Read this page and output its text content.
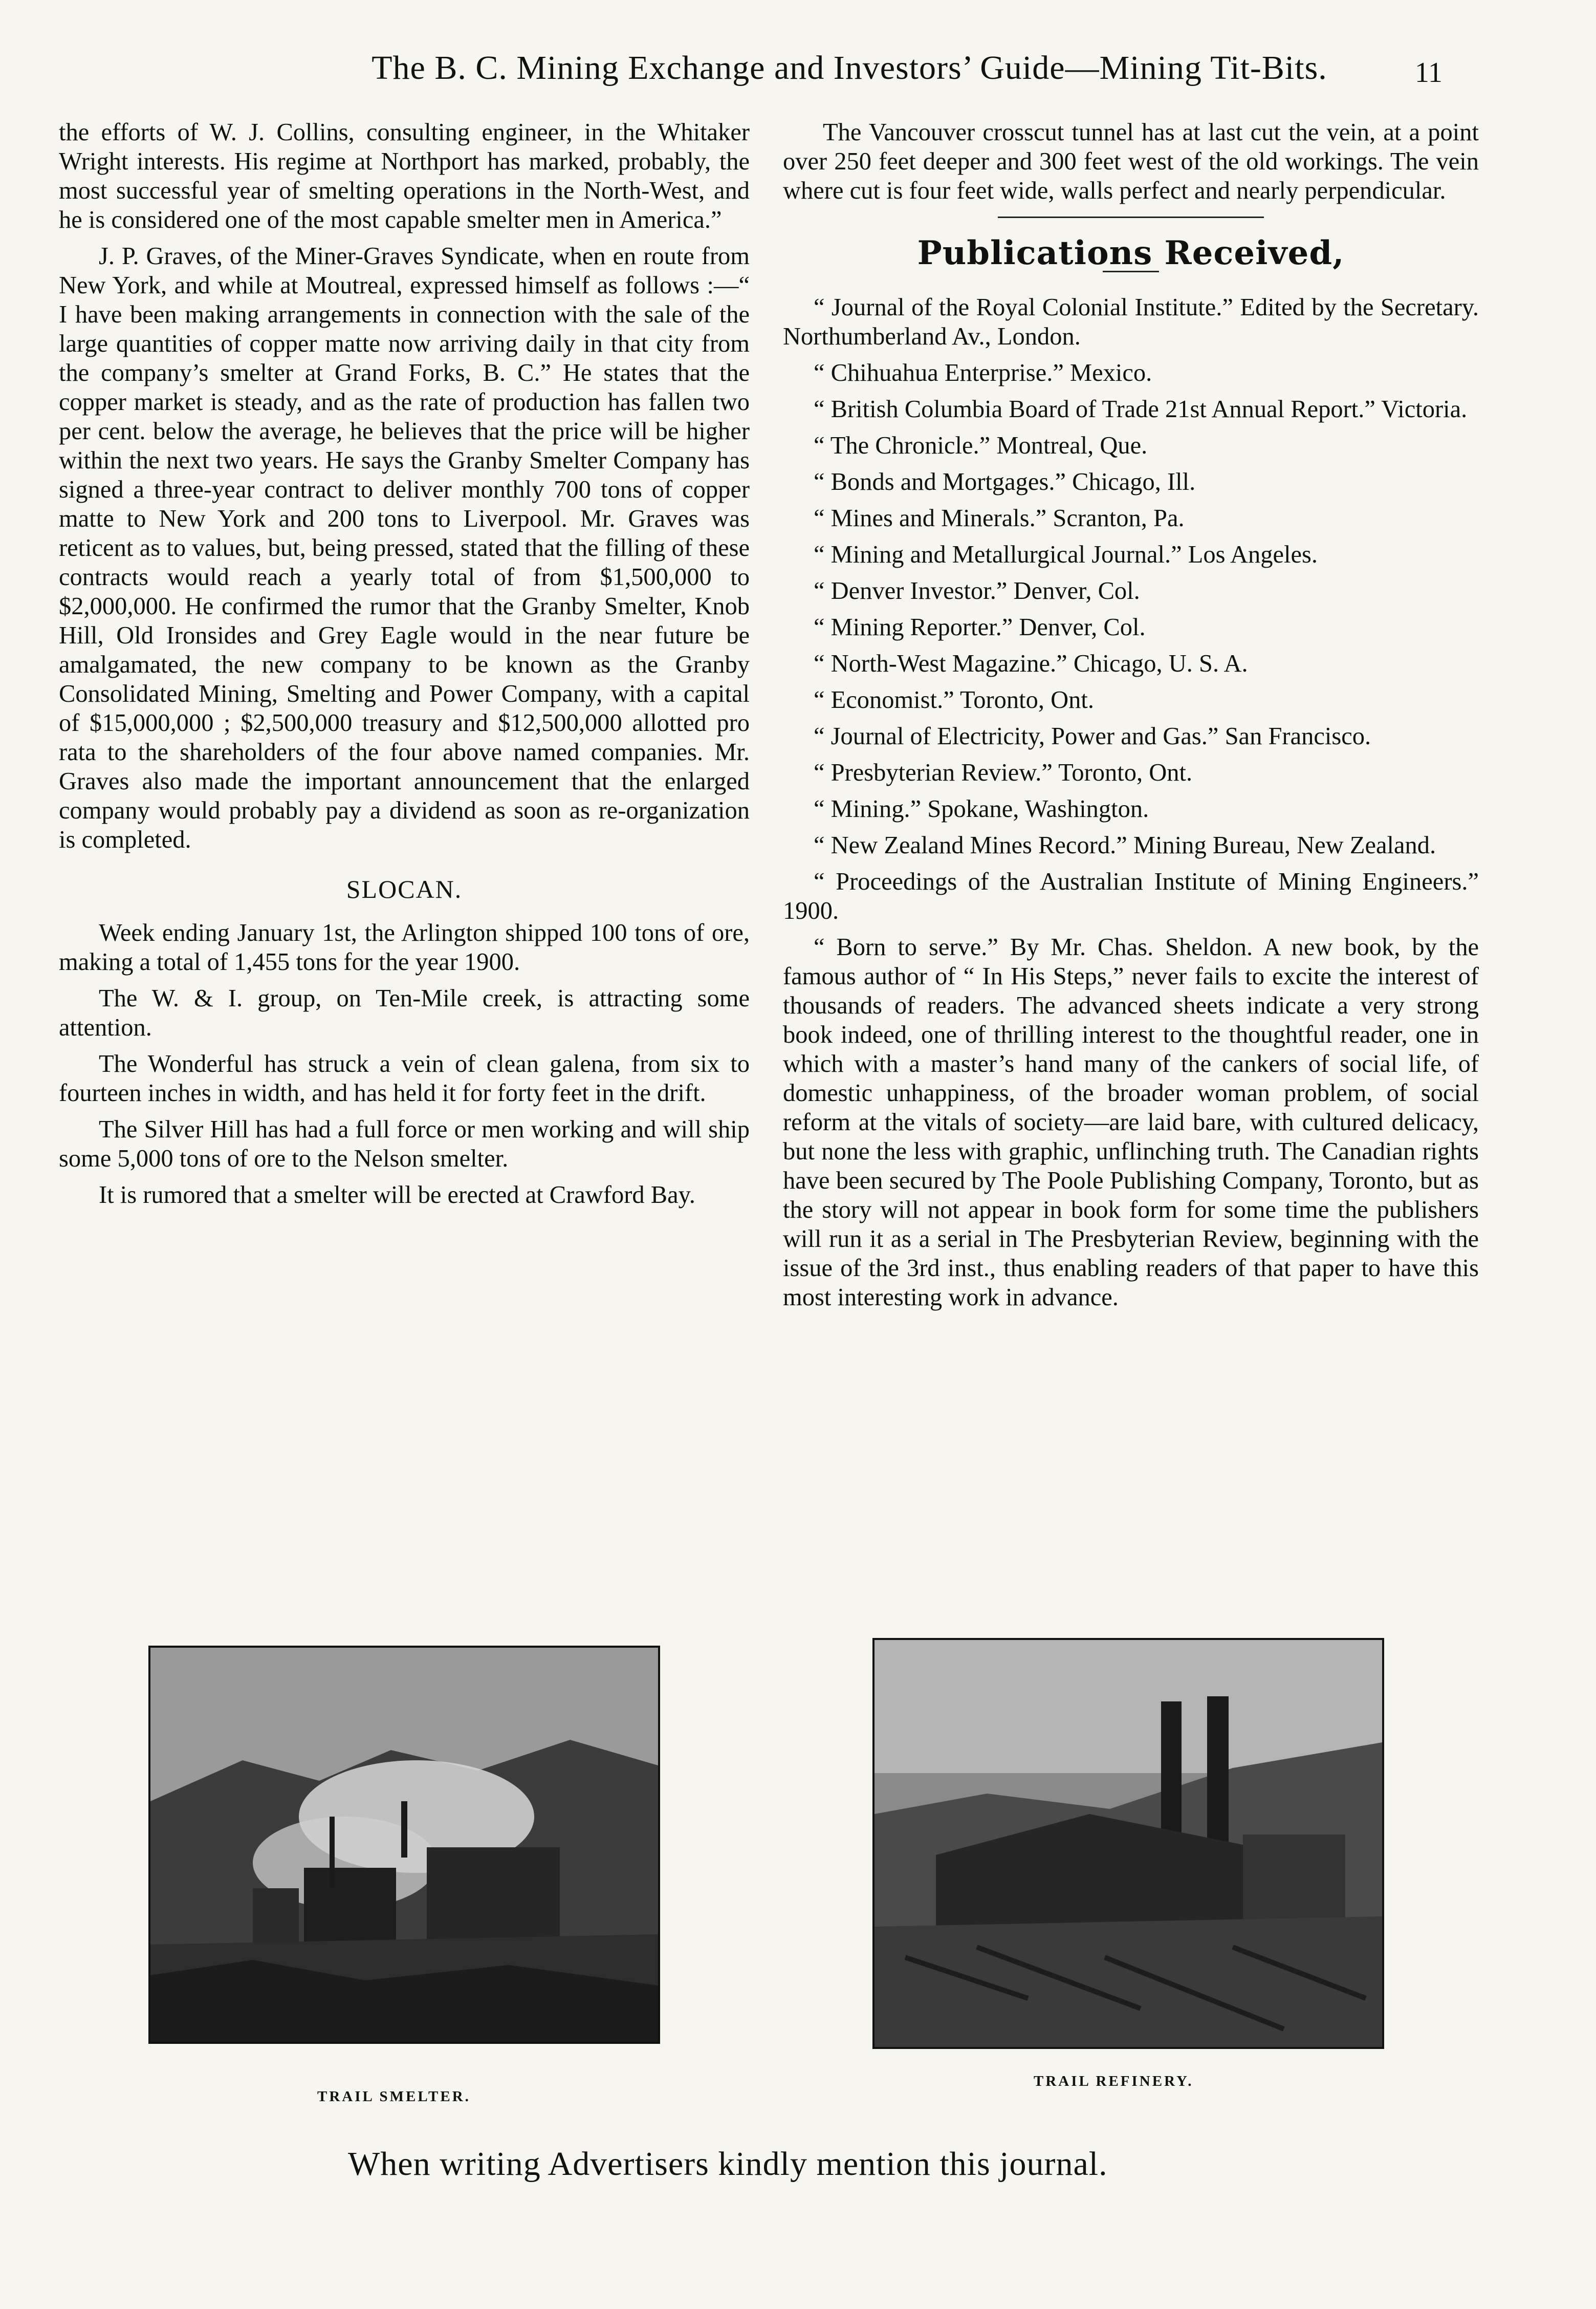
The B. C. Mining Exchange and Investors’ Guide—Mining Tit-Bits.	11

the efforts of W. J. Collins, consulting engineer, in the Whitaker Wright interests. His regime at Northport has marked, probably, the most successful year of smelting operations in the North-West, and he is considered one of the most capable smelter men in America.”

J. P. Graves, of the Miner-Graves Syndicate, when en route from New York, and while at Moutreal, expressed himself as follows :—“ I have been making arrangements in connection with the sale of the large quantities of copper matte now arriving daily in that city from the company’s smelter at Grand Forks, B. C.” He states that the copper market is steady, and as the rate of production has fallen two per cent. below the average, he believes that the price will be higher within the next two years. He says the Granby Smelter Company has signed a three-year contract to deliver monthly 700 tons of copper matte to New York and 200 tons to Liverpool. Mr. Graves was reticent as to values, but, being pressed, stated that the filling of these contracts would reach a yearly total of from $1,500,000 to $2,000,000. He confirmed the rumor that the Granby Smelter, Knob Hill, Old Ironsides and Grey Eagle would in the near future be amalgamated, the new company to be known as the Granby Consolidated Mining, Smelting and Power Company, with a capital of $15,000,000 ; $2,500,000 treasury and $12,500,000 allotted pro rata to the shareholders of the four above named companies. Mr. Graves also made the important announcement that the enlarged company would probably pay a dividend as soon as re-organization is completed.

SLOCAN.

Week ending January 1st, the Arlington shipped 100 tons of ore, making a total of 1,455 tons for the year 1900.

The W. & I. group, on Ten-Mile creek, is attracting some attention.

The Wonderful has struck a vein of clean galena, from six to fourteen inches in width, and has held it for forty feet in the drift.

The Silver Hill has had a full force or men working and will ship some 5,000 tons of ore to the Nelson smelter.

It is rumored that a smelter will be erected at Crawford Bay.

The Vancouver crosscut tunnel has at last cut the vein, at a point over 250 feet deeper and 300 feet west of the old workings. The vein where cut is four feet wide, walls perfect and nearly perpendicular.

Publications Received,

“ Journal of the Royal Colonial Institute.” Edited by the Secretary. Northumberland Av., London.

“ Chihuahua Enterprise.” Mexico.

“ British Columbia Board of Trade 21st Annual Report.” Victoria.

“ The Chronicle.” Montreal, Que.

“ Bonds and Mortgages.” Chicago, Ill.

“ Mines and Minerals.” Scranton, Pa.

“ Mining and Metallurgical Journal.” Los Angeles.

“ Denver Investor.” Denver, Col.

“ Mining Reporter.” Denver, Col.

“ North-West Magazine.” Chicago, U. S. A.

“ Economist.” Toronto, Ont.

“ Journal of Electricity, Power and Gas.” San Francisco.

“ Presbyterian Review.” Toronto, Ont.

“ Mining.” Spokane, Washington.

“ New Zealand Mines Record.” Mining Bureau, New Zealand.

“ Proceedings of the Australian Institute of Mining Engineers.” 1900.

“ Born to serve.” By Mr. Chas. Sheldon. A new book, by the famous author of “ In His Steps,” never fails to excite the interest of thousands of readers. The advanced sheets indicate a very strong book indeed, one of thrilling interest to the thoughtful reader, one in which with a master’s hand many of the cankers of social life, of domestic unhappiness, of the broader woman problem, of social reform at the vitals of society—are laid bare, with cultured delicacy, but none the less with graphic, unflinching truth. The Canadian rights have been secured by The Poole Publishing Company, Toronto, but as the story will not appear in book form for some time the publishers will run it as a serial in The Presbyterian Review, beginning with the issue of the 3rd inst., thus enabling readers of that paper to have this most interesting work in advance.

TRAIL SMELTER.
TRAIL REFINERY.
When writing Advertisers kindly mention this journal.
